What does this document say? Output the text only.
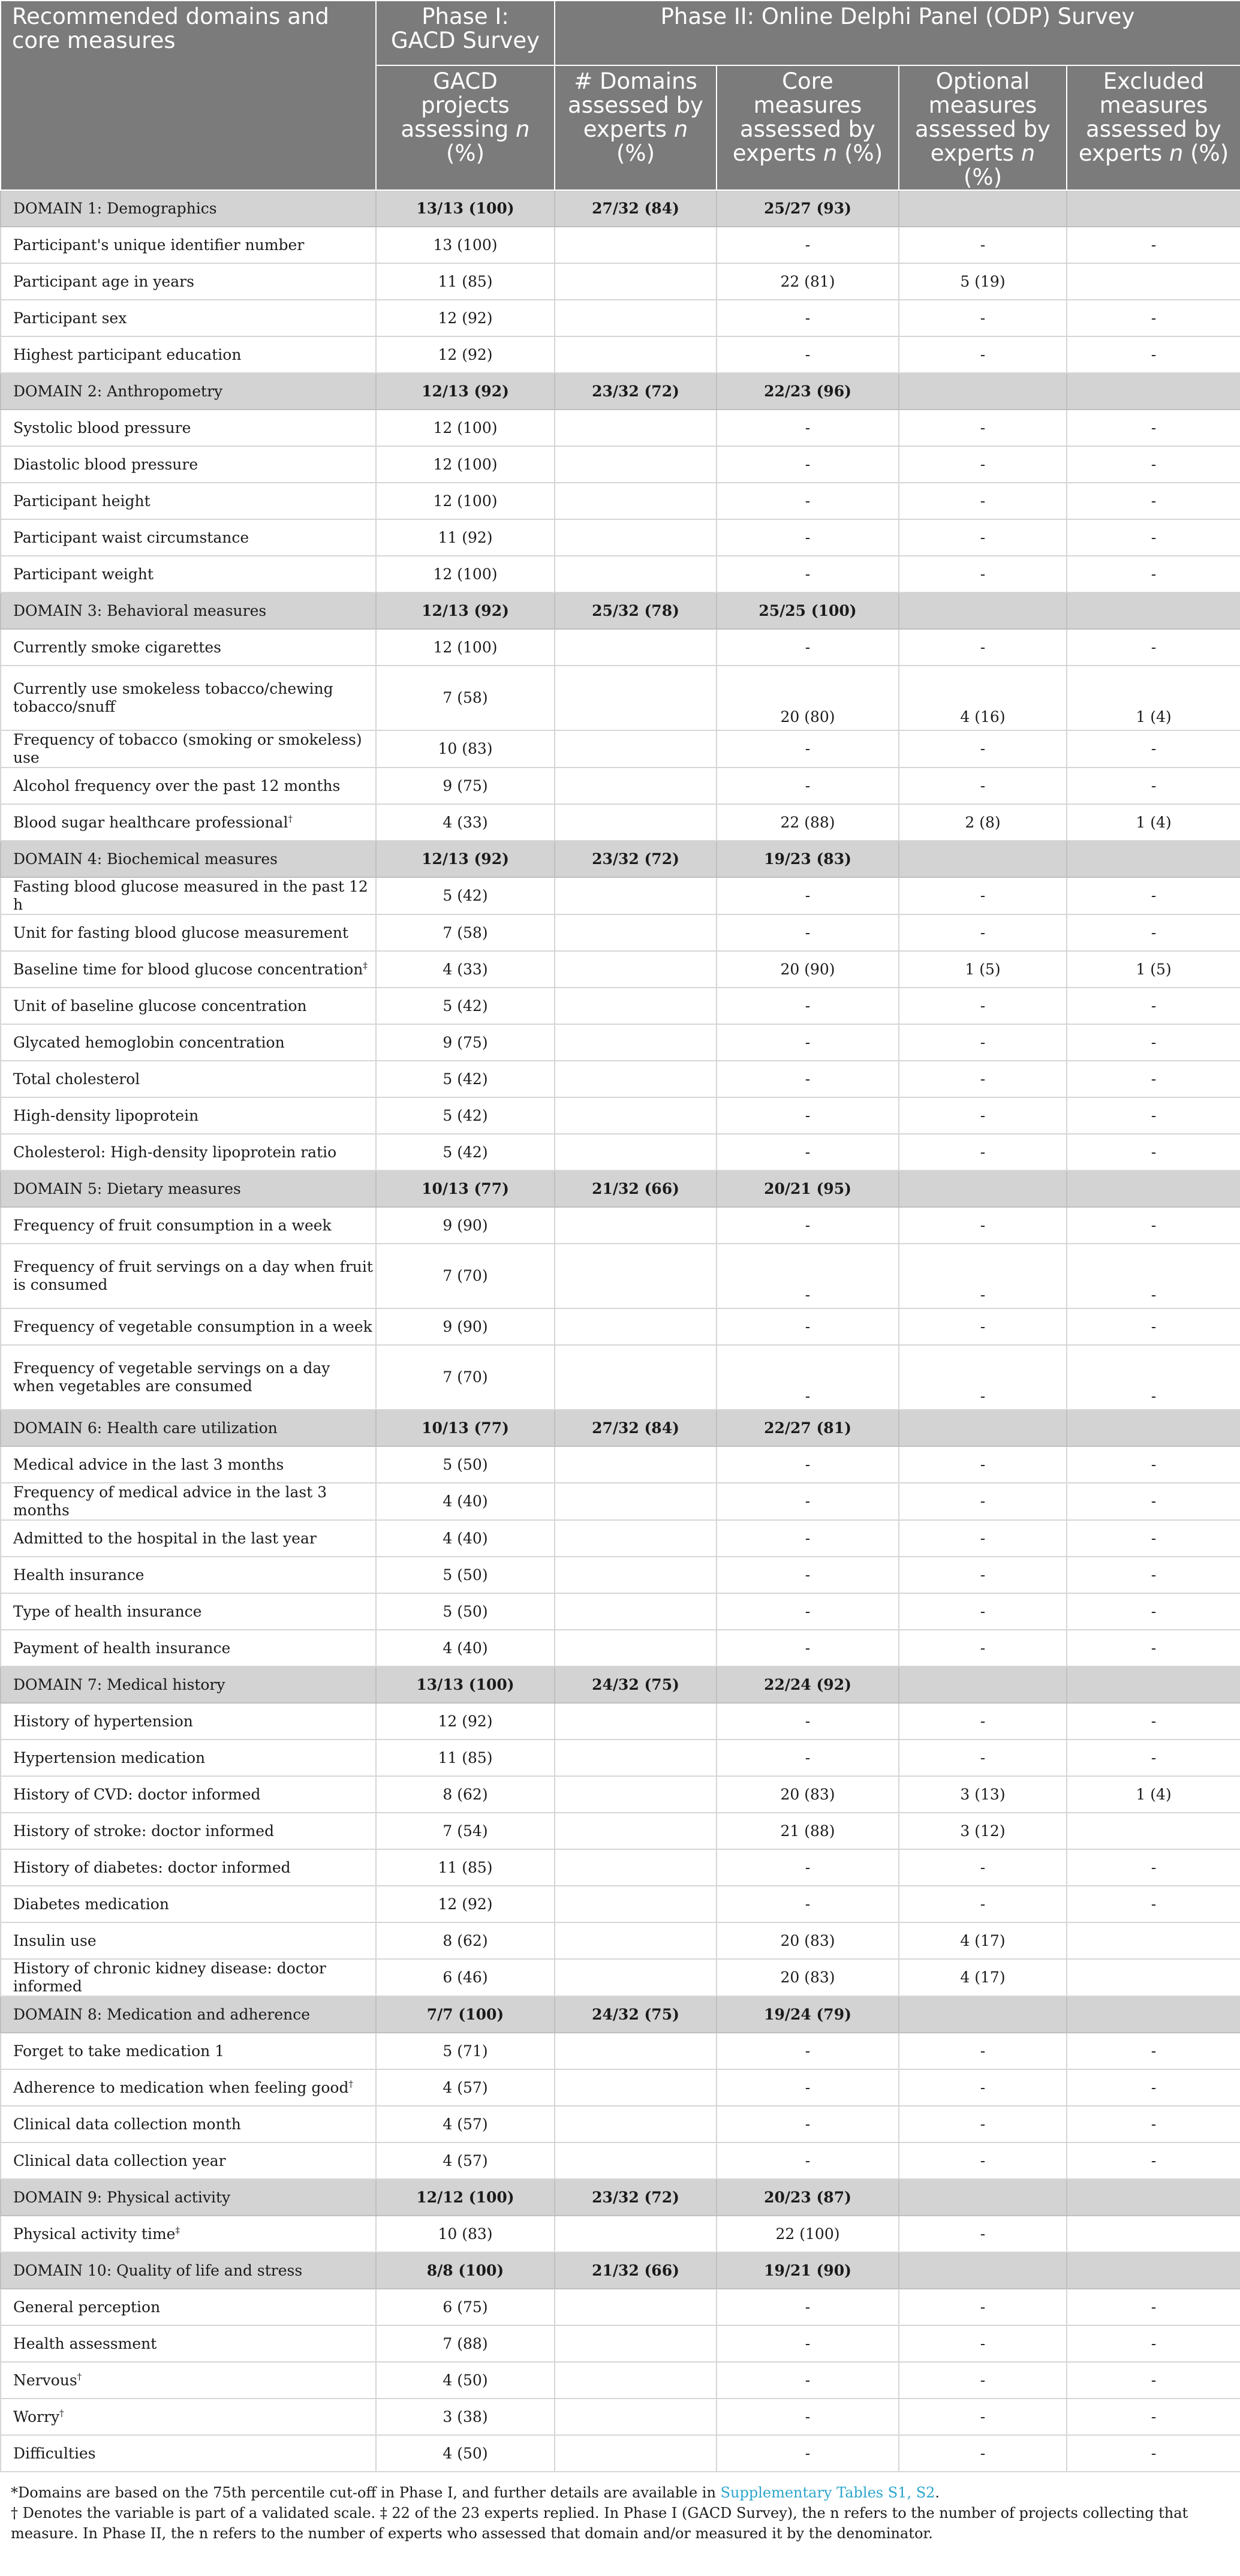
Recommended domains and core measures	Phase I: GACD Survey	Phase II: Online Delphi Panel (ODP) Survey			
	GACD projects assessing n (%)	# Domains assessed by experts n (%)	Core measures assessed by experts n (%)	Optional measures assessed by experts n (%)	Excluded measures assessed by experts n (%)
DOMAIN 1: Demographics	13/13 (100)	27/32 (84)	25/27 (93)		
Participant's unique identifier number	13 (100)		-	-	-
Participant age in years	11 (85)		22 (81)	5 (19)	
Participant sex	12 (92)		-	-	-
Highest participant education	12 (92)		-	-	-
DOMAIN 2: Anthropometry	12/13 (92)	23/32 (72)	22/23 (96)		
Systolic blood pressure	12 (100)		-	-	-
Diastolic blood pressure	12 (100)		-	-	-
Participant height	12 (100)		-	-	-
Participant waist circumstance	11 (92)		-	-	-
Participant weight	12 (100)		-	-	-
DOMAIN 3: Behavioral measures	12/13 (92)	25/32 (78)	25/25 (100)		
Currently smoke cigarettes	12 (100)		-	-	-
Currently use smokeless tobacco/chewing tobacco/snuff	7 (58)		20 (80)	4 (16)	1 (4)
Frequency of tobacco (smoking or smokeless) use	10 (83)		-	-	-
Alcohol frequency over the past 12 months	9 (75)		-	-	-
Blood sugar healthcare professional†	4 (33)		22 (88)	2 (8)	1 (4)
DOMAIN 4: Biochemical measures	12/13 (92)	23/32 (72)	19/23 (83)		
Fasting blood glucose measured in the past 12 h	5 (42)		-	-	-
Unit for fasting blood glucose measurement	7 (58)		-	-	-
Baseline time for blood glucose concentration‡	4 (33)		20 (90)	1 (5)	1 (5)
Unit of baseline glucose concentration	5 (42)		-	-	-
Glycated hemoglobin concentration	9 (75)		-	-	-
Total cholesterol	5 (42)		-	-	-
High-density lipoprotein	5 (42)		-	-	-
Cholesterol: High-density lipoprotein ratio	5 (42)		-	-	-
DOMAIN 5: Dietary measures	10/13 (77)	21/32 (66)	20/21 (95)		
Frequency of fruit consumption in a week	9 (90)		-	-	-
Frequency of fruit servings on a day when fruit is consumed	7 (70)		-	-	-
Frequency of vegetable consumption in a week	9 (90)		-	-	-
Frequency of vegetable servings on a day when vegetables are consumed	7 (70)		-	-	-
DOMAIN 6: Health care utilization	10/13 (77)	27/32 (84)	22/27 (81)		
Medical advice in the last 3 months	5 (50)		-	-	-
Frequency of medical advice in the last 3 months	4 (40)		-	-	-
Admitted to the hospital in the last year	4 (40)		-	-	-
Health insurance	5 (50)		-	-	-
Type of health insurance	5 (50)		-	-	-
Payment of health insurance	4 (40)		-	-	-
DOMAIN 7: Medical history	13/13 (100)	24/32 (75)	22/24 (92)		
History of hypertension	12 (92)		-	-	-
Hypertension medication	11 (85)		-	-	-
History of CVD: doctor informed	8 (62)		20 (83)	3 (13)	1 (4)
History of stroke: doctor informed	7 (54)		21 (88)	3 (12)	
History of diabetes: doctor informed	11 (85)		-	-	-
Diabetes medication	12 (92)		-	-	-
Insulin use	8 (62)		20 (83)	4 (17)	
History of chronic kidney disease: doctor informed	6 (46)		20 (83)	4 (17)	
DOMAIN 8: Medication and adherence	7/7 (100)	24/32 (75)	19/24 (79)		
Forget to take medication 1	5 (71)		-	-	-
Adherence to medication when feeling good†	4 (57)		-	-	-
Clinical data collection month	4 (57)		-	-	-
Clinical data collection year	4 (57)		-	-	-
DOMAIN 9: Physical activity	12/12 (100)	23/32 (72)	20/23 (87)		
Physical activity time‡	10 (83)		22 (100)	-	
DOMAIN 10: Quality of life and stress	8/8 (100)	21/32 (66)	19/21 (90)		
General perception	6 (75)		-	-	-
Health assessment	7 (88)		-	-	-
Nervous†	4 (50)		-	-	-
Worry†	3 (38)		-	-	-
Difficulties	4 (50)		-	-	-

*Domains are based on the 75th percentile cut-off in Phase I, and further details are available in Supplementary Tables S1, S2.

† Denotes the variable is part of a validated scale. ‡ 22 of the 23 experts replied. In Phase I (GACD Survey), the n refers to the number of projects collecting that measure. In Phase II, the n refers to the number of experts who assessed that domain and/or measured it by the denominator.
